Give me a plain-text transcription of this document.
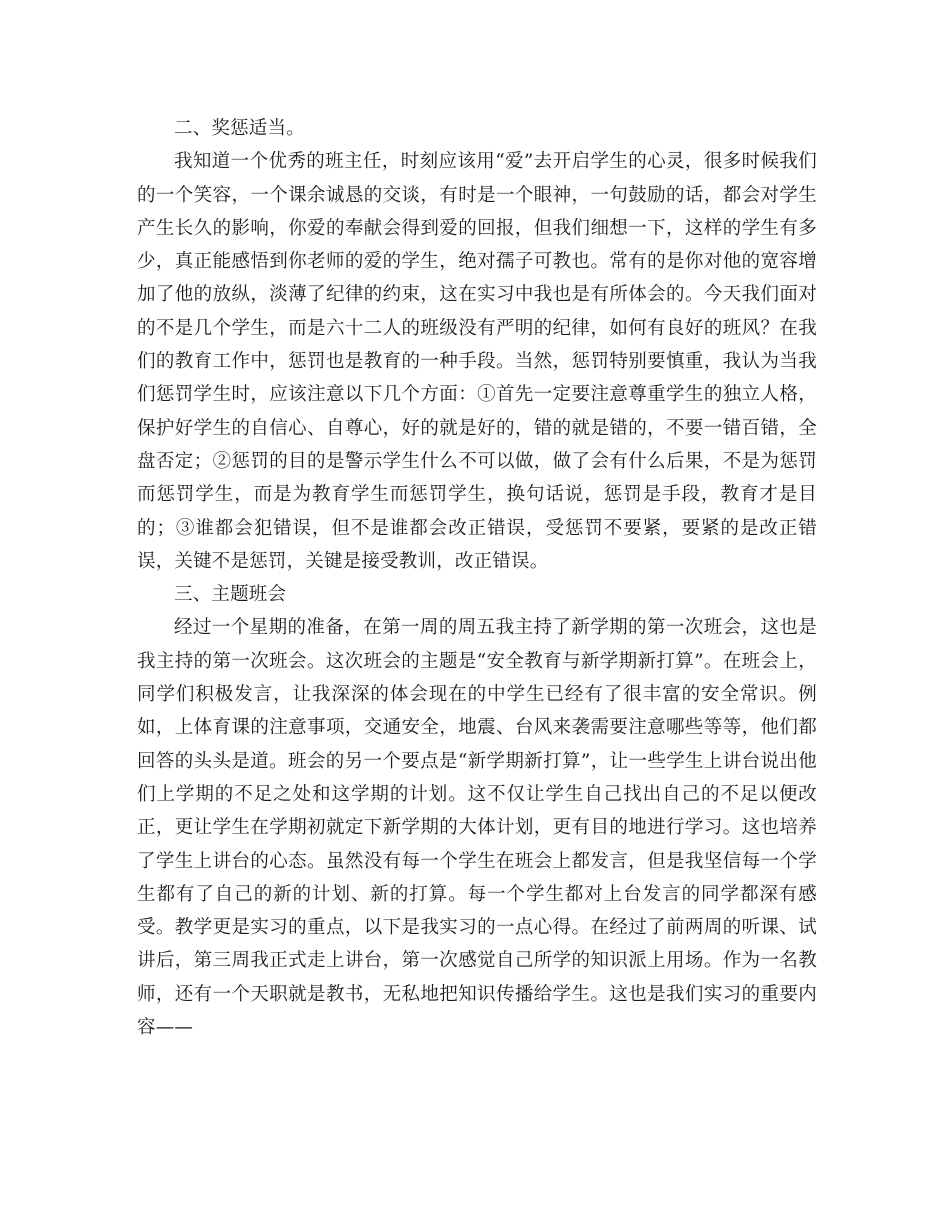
二、奖惩适当。

我知道一个优秀的班主任，时刻应该用“爱”去开启学生的心灵，很多时候我们的一个笑容，一个课余诚恳的交谈，有时是一个眼神，一句鼓励的话，都会对学生产生长久的影响，你爱的奉献会得到爱的回报，但我们细想一下，这样的学生有多少，真正能感悟到你老师的爱的学生，绝对孺子可教也。常有的是你对他的宽容增加了他的放纵，淡薄了纪律的约束，这在实习中我也是有所体会的。今天我们面对的不是几个学生，而是六十二人的班级没有严明的纪律，如何有良好的班风？在我们的教育工作中，惩罚也是教育的一种手段。当然，惩罚特别要慎重，我认为当我们惩罚学生时，应该注意以下几个方面：①首先一定要注意尊重学生的独立人格，保护好学生的自信心、自尊心，好的就是好的，错的就是错的，不要一错百错，全盘否定；②惩罚的目的是警示学生什么不可以做，做了会有什么后果，不是为惩罚而惩罚学生，而是为教育学生而惩罚学生，换句话说，惩罚是手段，教育才是目的；③谁都会犯错误，但不是谁都会改正错误，受惩罚不要紧，要紧的是改正错误，关键不是惩罚，关键是接受教训，改正错误。

三、主题班会

经过一个星期的准备，在第一周的周五我主持了新学期的第一次班会，这也是我主持的第一次班会。这次班会的主题是“安全教育与新学期新打算”。在班会上，同学们积极发言，让我深深的体会现在的中学生已经有了很丰富的安全常识。例如，上体育课的注意事项，交通安全，地震、台风来袭需要注意哪些等等，他们都回答的头头是道。班会的另一个要点是“新学期新打算”，让一些学生上讲台说出他们上学期的不足之处和这学期的计划。这不仅让学生自己找出自己的不足以便改正，更让学生在学期初就定下新学期的大体计划，更有目的地进行学习。这也培养了学生上讲台的心态。虽然没有每一个学生在班会上都发言，但是我坚信每一个学生都有了自己的新的计划、新的打算。每一个学生都对上台发言的同学都深有感受。教学更是实习的重点，以下是我实习的一点心得。在经过了前两周的听课、试讲后，第三周我正式走上讲台，第一次感觉自己所学的知识派上用场。作为一名教师，还有一个天职就是教书，无私地把知识传播给学生。这也是我们实习的重要内容——
